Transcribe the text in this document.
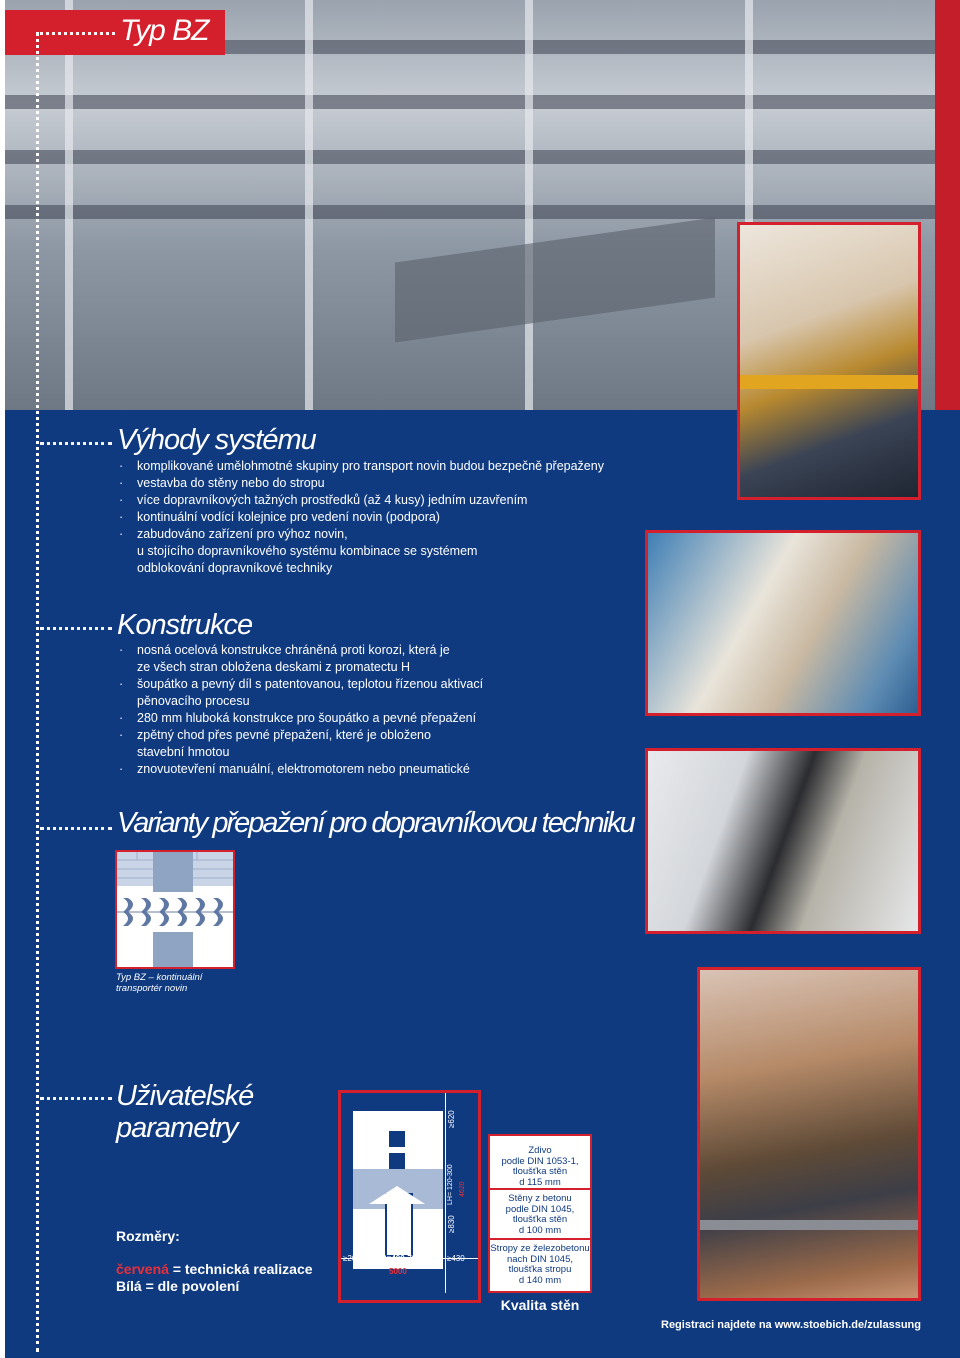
Typ BZ
Výhody systému
· komplikované umělohmotné skupiny pro transport novin budou bezpečně přepaženy
· vestavba do stěny nebo do stropu
· více dopravníkových tažných prostředků (až 4 kusy) jedním uzavřením
· kontinuální vodící kolejnice pro vedení novin (podpora)
· zabudováno zařízení pro výhoz novin,
u stojícího dopravníkového systému kombinace se systémem
odblokování dopravníkové techniky
Konstrukce
· nosná ocelová konstrukce chráněná proti korozi, která je
ze všech stran obložena deskami z promatectu H
· šoupátko a pevný díl s patentovanou, teplotou řízenou aktivací
pěnovacího procesu
· 280 mm hluboká konstrukce pro šoupátko a pevné přepažení
· zpětný chod přes pevné přepažení, které je obloženo
stavební hmotou
· znovuotevření manuální, elektromotorem nebo pneumatické
Varianty přepažení pro dopravníkovou techniku
Typ BZ – kontinuální
transportér novin
Uživatelské
parametry
Rozměry:
červená = technická realizace
Bílá = dle povolení
≥620
LH= 120-300 4620
≥830
≥200 LB=400-700
5000
≥430
Zdivo
podle DIN 1053-1,
tloušťka stěn
d 115 mm
Stěny z betonu
podle DIN 1045,
tloušťka stěn
d 100 mm
Stropy ze železobetonu
nach DIN 1045,
tloušťka stropu
d 140 mm
Kvalita stěn
Registraci najdete na www.stoebich.de/zulassung
